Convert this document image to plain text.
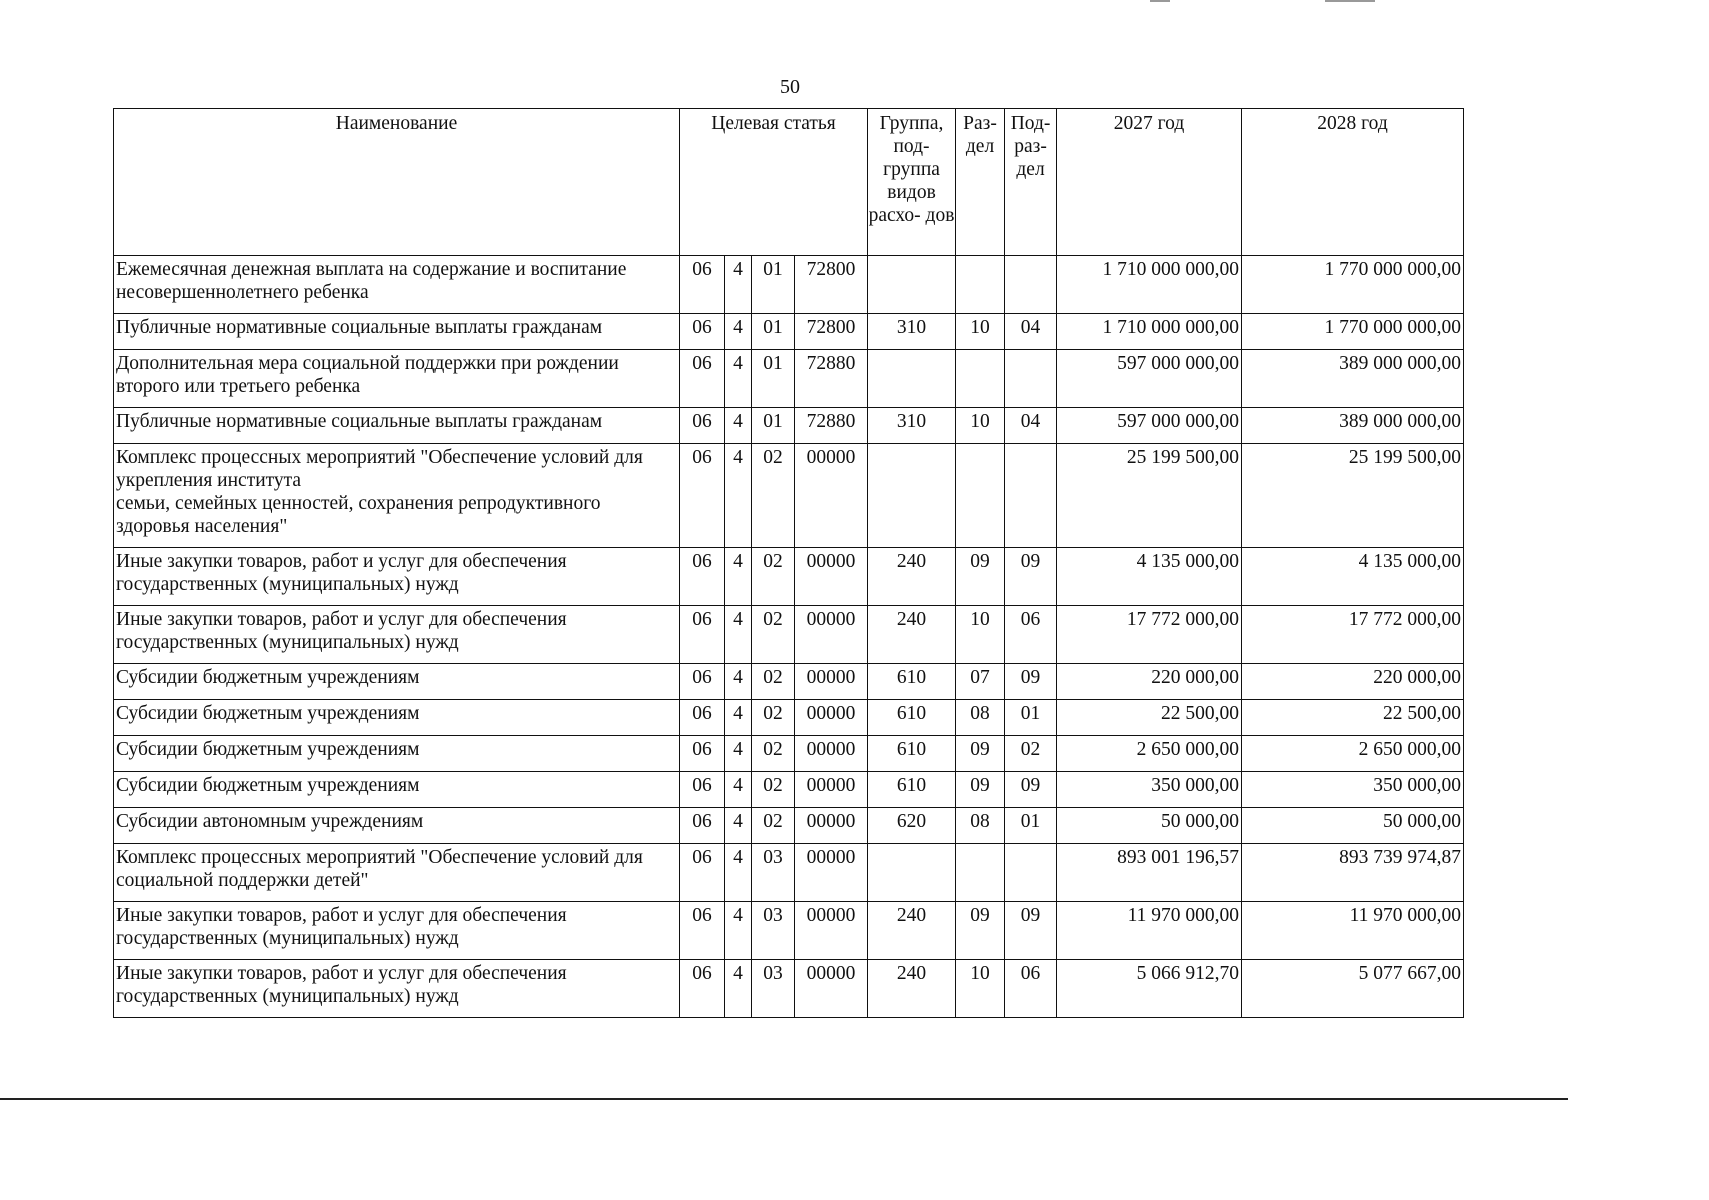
50
Наименование	Целевая статья				Группа, под- группа видов расхо- дов	Раз- дел	Под- раз- дел	2027 год	2028 год
Ежемесячная денежная выплата на содержание и воспитание несовершеннолетнего ребенка	06	4	01	72800				1 710 000 000,00	1 770 000 000,00
Публичные нормативные социальные выплаты гражданам	06	4	01	72800	310	10	04	1 710 000 000,00	1 770 000 000,00
Дополнительная мера социальной поддержки при рождении второго или третьего ребенка	06	4	01	72880				597 000 000,00	389 000 000,00
Публичные нормативные социальные выплаты гражданам	06	4	01	72880	310	10	04	597 000 000,00	389 000 000,00
Комплекс процессных мероприятий "Обеспечение условий для укрепления института
семьи, семейных ценностей, сохранения репродуктивного здоровья населения"	06	4	02	00000				25 199 500,00	25 199 500,00
Иные закупки товаров, работ и услуг для обеспечения государственных (муниципальных) нужд	06	4	02	00000	240	09	09	4 135 000,00	4 135 000,00
Иные закупки товаров, работ и услуг для обеспечения государственных (муниципальных) нужд	06	4	02	00000	240	10	06	17 772 000,00	17 772 000,00
Субсидии бюджетным учреждениям	06	4	02	00000	610	07	09	220 000,00	220 000,00
Субсидии бюджетным учреждениям	06	4	02	00000	610	08	01	22 500,00	22 500,00
Субсидии бюджетным учреждениям	06	4	02	00000	610	09	02	2 650 000,00	2 650 000,00
Субсидии бюджетным учреждениям	06	4	02	00000	610	09	09	350 000,00	350 000,00
Субсидии автономным учреждениям	06	4	02	00000	620	08	01	50 000,00	50 000,00
Комплекс процессных мероприятий "Обеспечение условий для социальной поддержки детей"	06	4	03	00000				893 001 196,57	893 739 974,87
Иные закупки товаров, работ и услуг для обеспечения государственных (муниципальных) нужд	06	4	03	00000	240	09	09	11 970 000,00	11 970 000,00
Иные закупки товаров, работ и услуг для обеспечения государственных (муниципальных) нужд	06	4	03	00000	240	10	06	5 066 912,70	5 077 667,00
